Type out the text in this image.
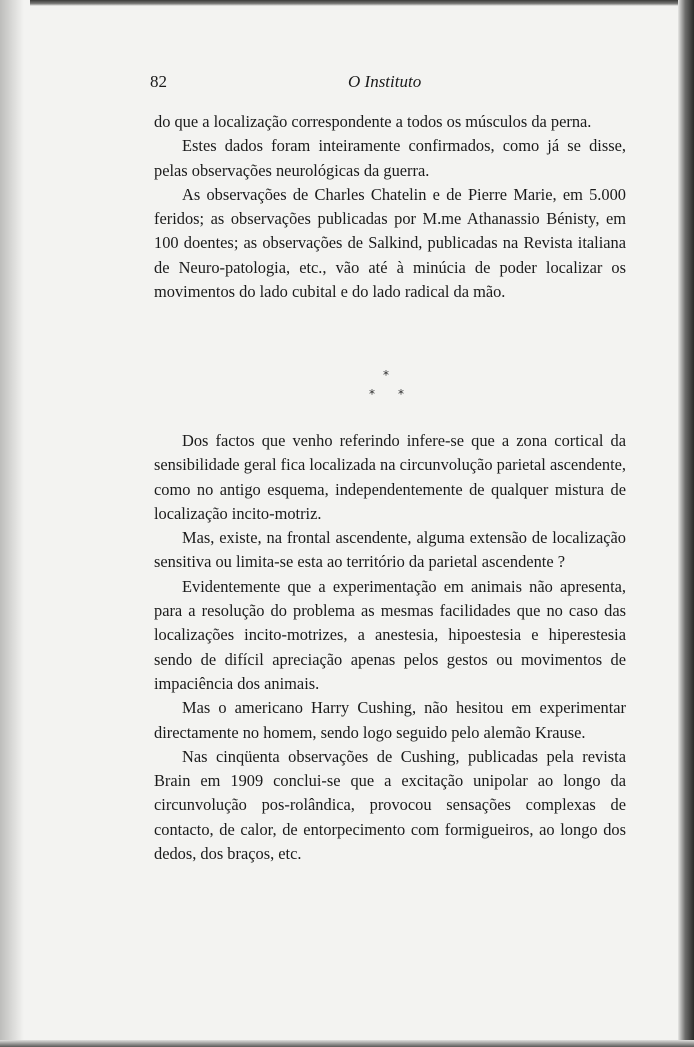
82	O Instituto

do que a localização correspondente a todos os músculos da perna.

Estes dados foram inteiramente confirmados, como já se disse, pelas observações neurológicas da guerra.

As observações de Charles Chatelin e de Pierre Marie, em 5.000 feridos; as observações publicadas por M.me Athanassio Bénisty, em 100 doentes; as observações de Salkind, publicadas na Revista italiana de Neuro-patologia, etc., vão até à minúcia de poder localizar os movimentos do lado cubital e do lado radical da mão.

*
* *

Dos factos que venho referindo infere-se que a zona cortical da sensibilidade geral fica localizada na circunvolução parietal ascendente, como no antigo esquema, independentemente de qualquer mistura de localização incito-motriz.

Mas, existe, na frontal ascendente, alguma extensão de localização sensitiva ou limita-se esta ao território da parietal ascendente ?

Evidentemente que a experimentação em animais não apresenta, para a resolução do problema as mesmas facilidades que no caso das localizações incito-motrizes, a anestesia, hipoestesia e hiperestesia sendo de difícil apreciação apenas pelos gestos ou movimentos de impaciência dos animais.

Mas o americano Harry Cushing, não hesitou em experimentar directamente no homem, sendo logo seguido pelo alemão Krause.

Nas cinqüenta observações de Cushing, publicadas pela revista Brain em 1909 conclui-se que a excitação unipolar ao longo da circunvolução pos-rolândica, provocou sensações complexas de contacto, de calor, de entorpecimento com formigueiros, ao longo dos dedos, dos braços, etc.
